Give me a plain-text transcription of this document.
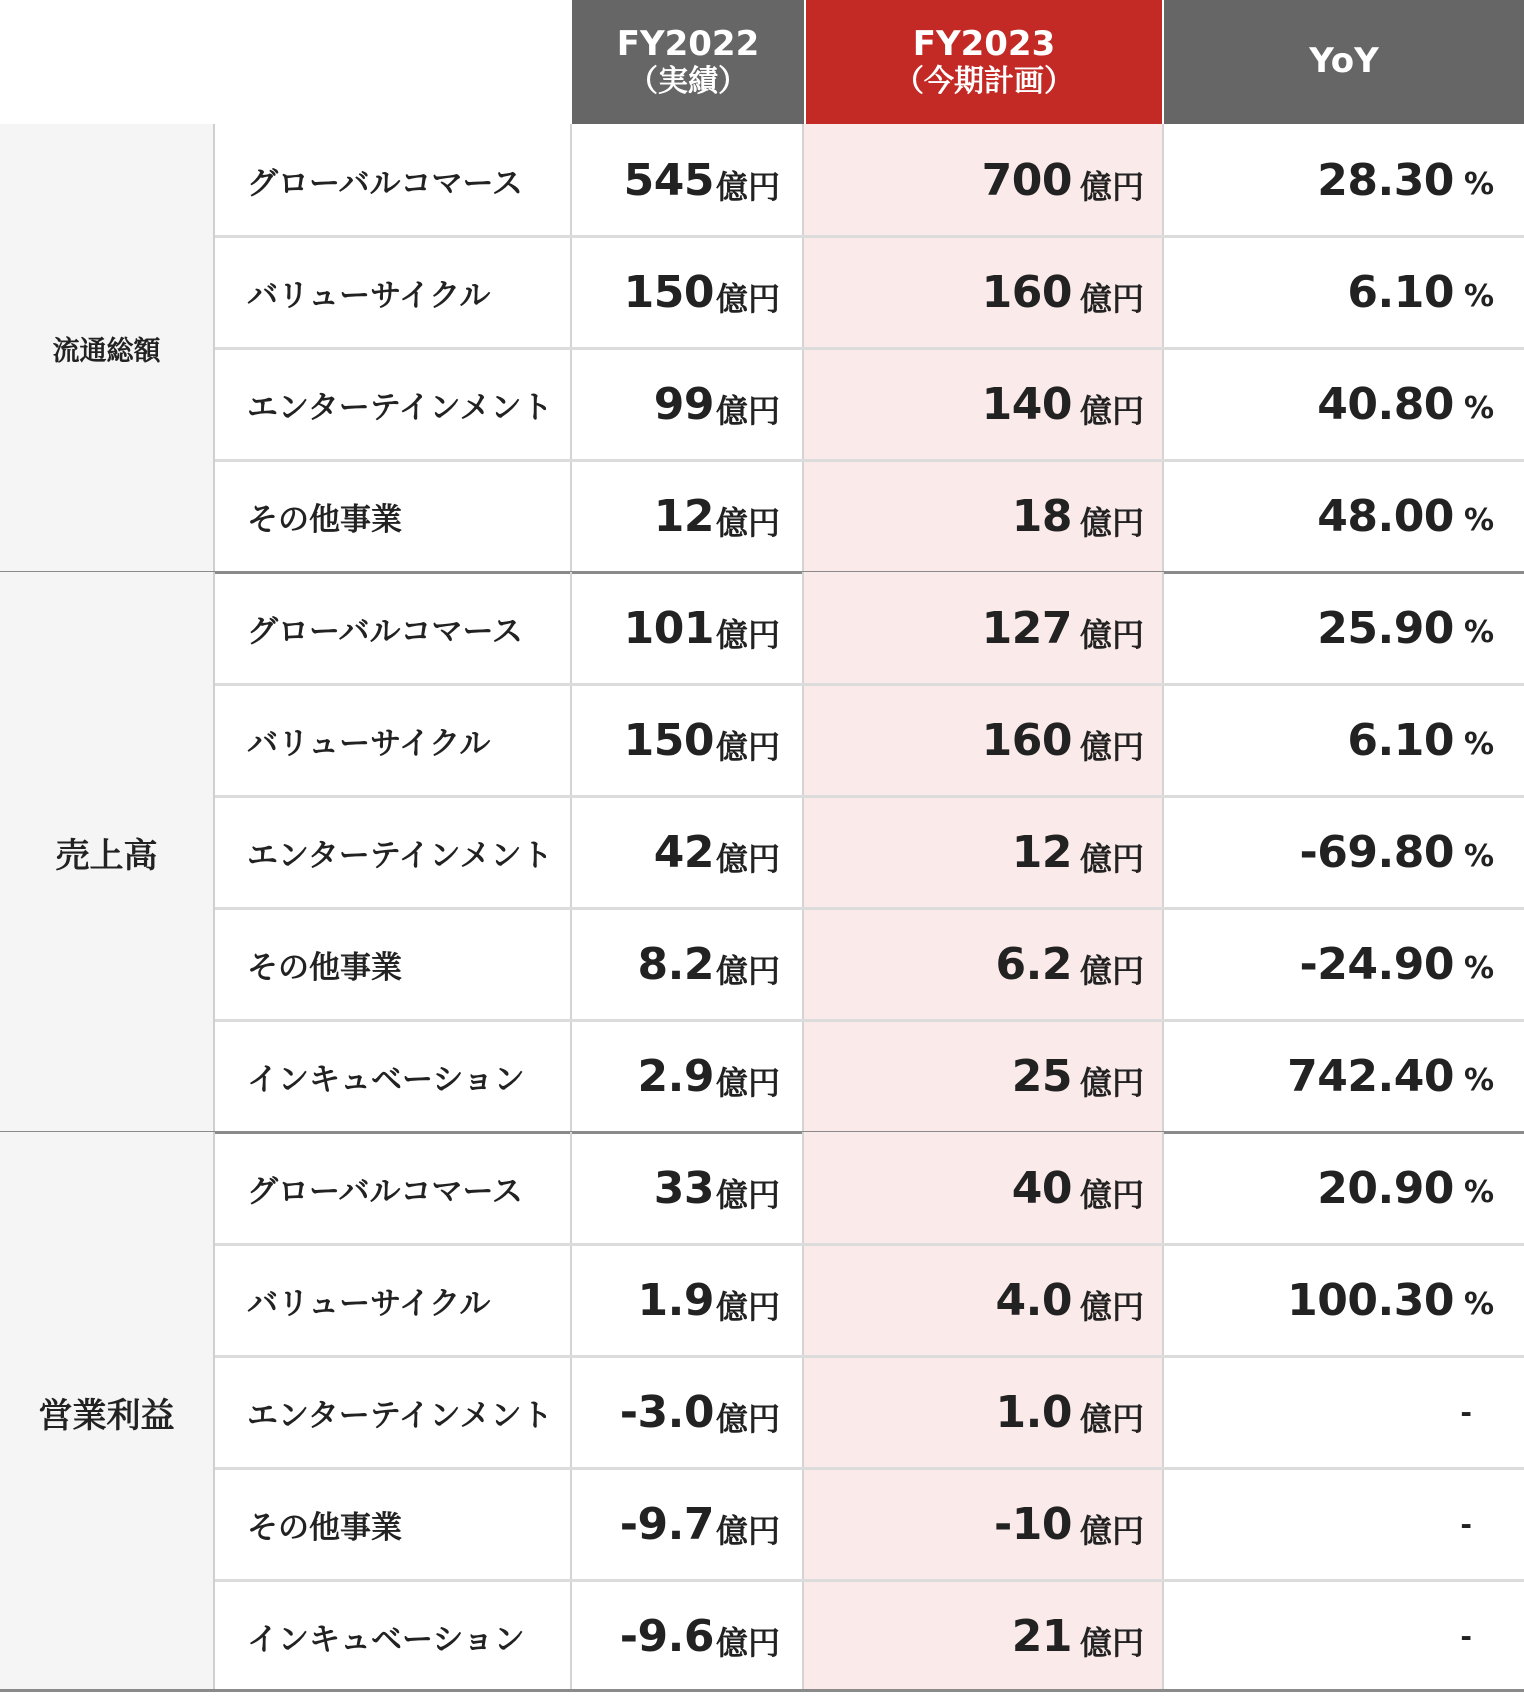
FY2022
（実績）
FY2023
（今期計画）
YoY
流通総額
グローバルコマース	545 億円	700 億円	28.30 %
バリューサイクル	150 億円	160 億円	6.10 %
エンターテインメント	99 億円	140 億円	40.80 %
その他事業	12 億円	18 億円	48.00 %
売上高
グローバルコマース	101 億円	127 億円	25.90 %
バリューサイクル	150 億円	160 億円	6.10 %
エンターテインメント	42 億円	12 億円	-69.80 %
その他事業	8.2 億円	6.2 億円	-24.90 %
インキュベーション	2.9 億円	25 億円	742.40 %
営業利益
グローバルコマース	33 億円	40 億円	20.90 %
バリューサイクル	1.9 億円	4.0 億円	100.30 %
エンターテインメント	-3.0 億円	1.0 億円	-
その他事業	-9.7 億円	-10 億円	-
インキュベーション	-9.6 億円	21 億円	-
